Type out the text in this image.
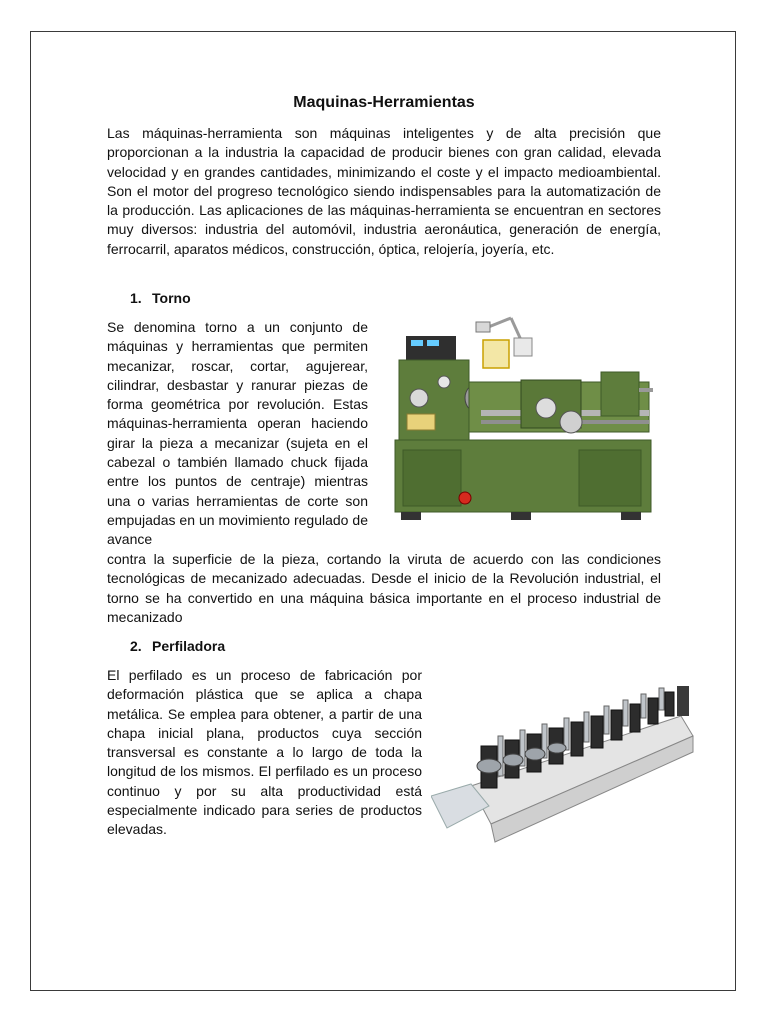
Maquinas-Herramientas
Las máquinas-herramienta son máquinas inteligentes y de alta precisión que proporcionan a la industria la capacidad de producir bienes con gran calidad, elevada velocidad y en grandes cantidades, minimizando el coste y el impacto medioambiental. Son el motor del progreso tecnológico siendo indispensables para la automatización de la producción. Las aplicaciones de las máquinas-herramienta se encuentran en sectores muy diversos: industria del automóvil, industria aeronáutica, generación de energía, ferrocarril, aparatos médicos, construcción, óptica, relojería, joyería, etc.
1. Torno
Se denomina torno a un conjunto de máquinas y herramientas que permiten mecanizar, roscar, cortar, agujerear, cilindrar, desbastar y ranurar piezas de forma geométrica por revolución. Estas máquinas-herramienta operan haciendo girar la pieza a mecanizar (sujeta en el cabezal o también llamado chuck fijada entre los puntos de centraje) mientras una o varias herramientas de corte son empujadas en un movimiento regulado de avance
contra la superficie de la pieza, cortando la viruta de acuerdo con las condiciones tecnológicas de mecanizado adecuadas. Desde el inicio de la Revolución industrial, el torno se ha convertido en una máquina básica importante en el proceso industrial de mecanizado
2. Perfiladora
El perfilado es un proceso de fabricación por deformación plástica que se aplica a chapa metálica. Se emplea para obtener, a partir de una chapa inicial plana, productos cuya sección transversal es constante a lo largo de toda la longitud de los mismos. El perfilado es un proceso continuo y por su alta productividad está especialmente indicado para series de productos elevadas.
